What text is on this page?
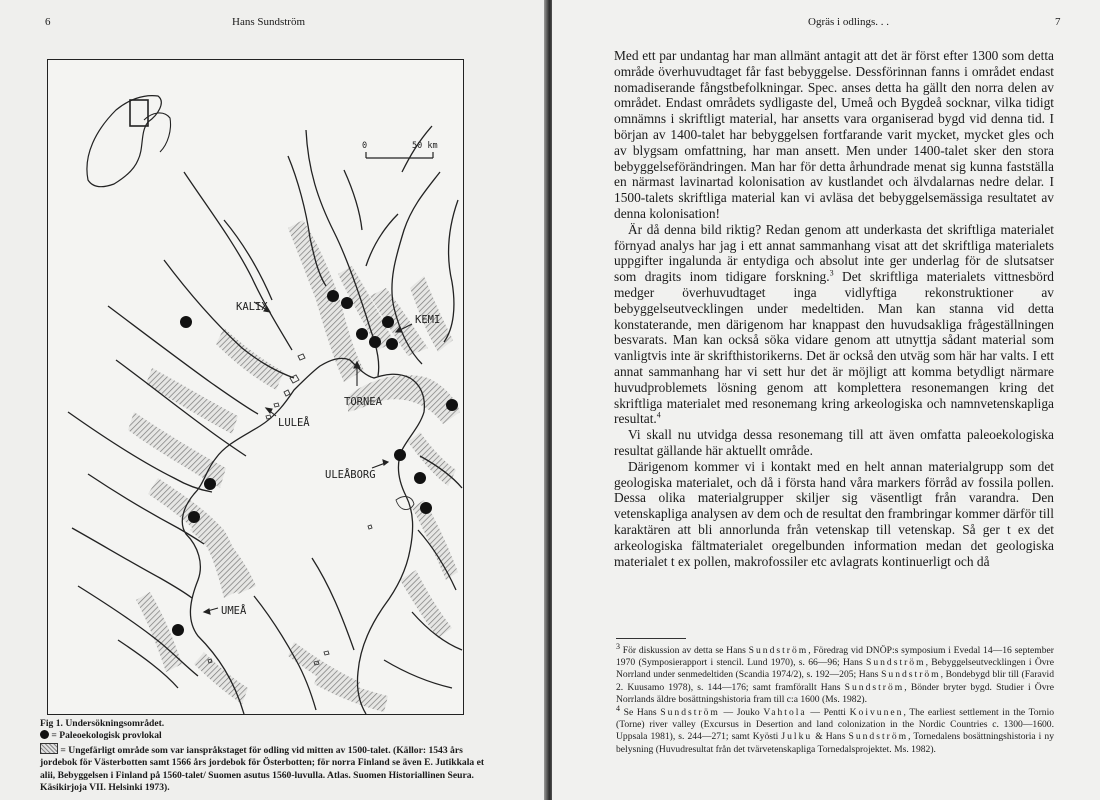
6	Hans Sundström
KALIX
KEMI
TORNEA
LULEÅ
ULEÅBORG
UMEÅ
0	50 km

Fig 1. Undersökningsområdet.

= Paleoekologisk provlokal

= Ungefärligt område som var ianspråkstaget för odling vid mitten av 1500-talet. (Källor: 1543 års jordebok för Västerbotten samt 1566 års jordebok för Österbotten; för norra Finland se även E. Jutikkala et alii, Bebyggelsen i Finland på 1560-talet/ Suomen asutus 1560-luvulla. Atlas. Suomen Historiallinen Seura. Käsikirjoja VII. Helsinki 1973).

Ogräs i odlings. . .	7

Med ett par undantag har man allmänt antagit att det är först efter 1300 som detta område överhuvudtaget får fast bebyggelse. Dessförinnan fanns i området endast nomadiserande fångstbefolkningar. Spec. anses detta ha gällt den norra delen av området. Endast områdets sydligaste del, Umeå och Bygdeå socknar, vilka tidigt omnämns i skriftligt material, har ansetts vara organiserad bygd vid denna tid. I början av 1400-talet har bebyggelsen fortfarande varit mycket, mycket gles och av blygsam omfattning, har man ansett. Men under 1400-talet sker den stora bebyggelseförändringen. Man har för detta århundrade menat sig kunna fastställa en närmast lavinartad kolonisation av kustlandet och älvdalarnas nedre delar. I 1500-talets skriftliga material kan vi avläsa det bebyggelsemässiga resultatet av denna kolonisation!

Är då denna bild riktig? Redan genom att underkasta det skriftliga materialet förnyad analys har jag i ett annat sammanhang visat att det skriftliga materialets uppgifter ingalunda är entydiga och absolut inte ger underlag för de slutsatser som dragits inom tidigare forskning.$^3$ Det skriftliga materialets vittnesbörd medger överhuvudtaget inga vidlyftiga rekonstruktioner av bebyggelseutvecklingen under medeltiden. Man kan stanna vid detta konstaterande, men därigenom har knappast den huvudsakliga frågeställningen besvarats. Man kan också söka vidare genom att utnyttja sådant material som vanligtvis inte är skrifthistorikerns. Det är också den utväg som här har valts. I ett annat sammanhang har vi sett hur det är möjligt att komma betydligt närmare huvudproblemets lösning genom att komplettera resonemangen kring det skriftliga materialet med resonemang kring arkeologiska och namnvetenskapliga resultat.$^4$

Vi skall nu utvidga dessa resonemang till att även omfatta paleoekologiska resultat gällande här aktuellt område.

Därigenom kommer vi i kontakt med en helt annan materialgrupp som det geologiska materialet, och då i första hand våra markers förråd av fossila pollen. Dessa olika materialgrupper skiljer sig väsentligt från varandra. Den vetenskapliga analysen av dem och de resultat den frambringar kommer därför till karaktären att bli annorlunda från vetenskap till vetenskap. Så ger t ex det arkeologiska fältmaterialet oregelbunden information medan det geologiska materialet t ex pollen, makrofossiler etc avlagrats kontinuerligt och då

$^3$ För diskussion av detta se Hans Sundström, Föredrag vid DNÖP:s symposium i Evedal 14—16 september 1970 (Symposierapport i stencil. Lund 1970), s. 66—96; Hans Sundström, Bebyggelseutvecklingen i Övre Norrland under senmedeltiden (Scandia 1974/2), s. 192—205; Hans Sundström, Bondebygd blir till (Faravid 2. Kuusamo 1978), s. 144—176; samt framförallt Hans Sundström, Bönder bryter bygd. Studier i Övre Norrlands äldre bosättningshistoria fram till c:a 1600 (Ms. 1982).

$^4$ Se Hans Sundström — Jouko Vahtola — Pentti Koivunen, The earliest settlement in the Tornio (Torne) river valley (Excursus in Desertion and land colonization in the Nordic Countries c. 1300—1600. Uppsala 1981), s. 244—271; samt Kyösti Julku & Hans Sundström, Tornedalens bosättningshistoria i ny belysning (Huvudresultat från det tvärvetenskapliga Tornedalsprojektet. Ms. 1982).
